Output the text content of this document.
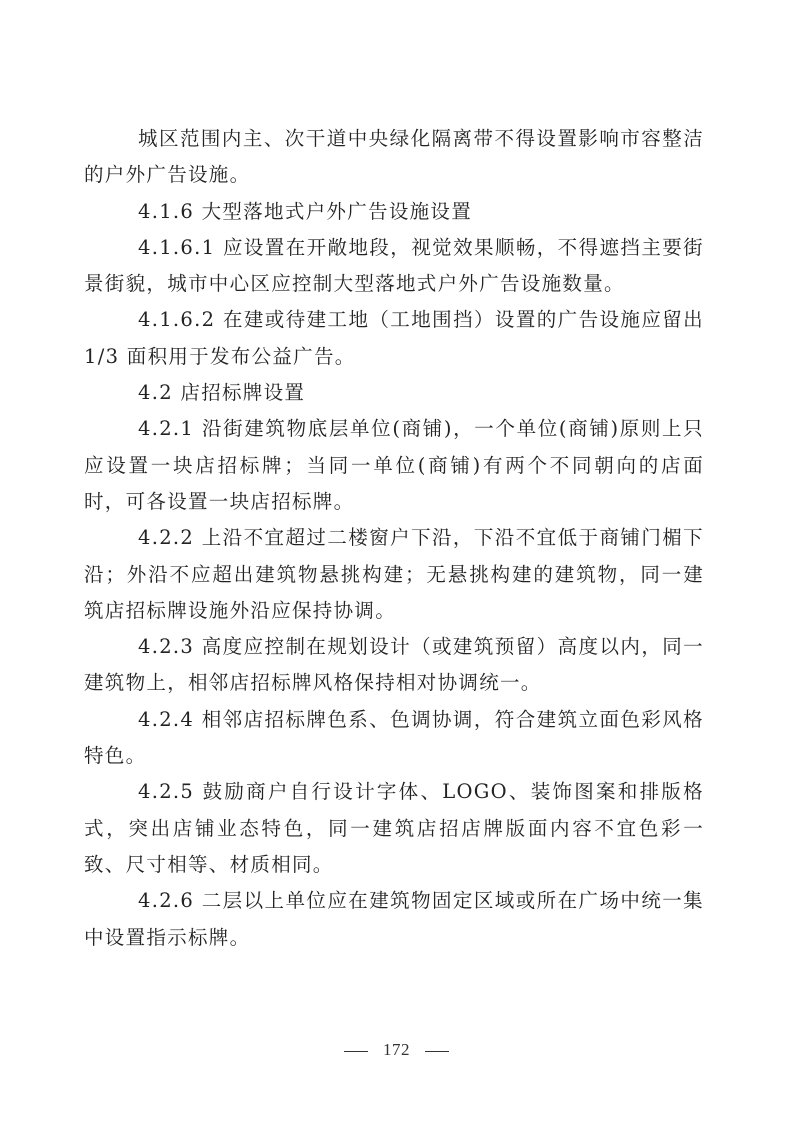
城区范围内主、次干道中央绿化隔离带不得设置影响市容整洁的户外广告设施。

4.1.6 大型落地式户外广告设施设置

4.1.6.1 应设置在开敞地段，视觉效果顺畅，不得遮挡主要街景街貌，城市中心区应控制大型落地式户外广告设施数量。

4.1.6.2 在建或待建工地（工地围挡）设置的广告设施应留出1/3 面积用于发布公益广告。

4.2 店招标牌设置

4.2.1 沿街建筑物底层单位(商铺)，一个单位(商铺)原则上只应设置一块店招标牌；当同一单位(商铺)有两个不同朝向的店面时，可各设置一块店招标牌。

4.2.2 上沿不宜超过二楼窗户下沿，下沿不宜低于商铺门楣下沿；外沿不应超出建筑物悬挑构建；无悬挑构建的建筑物，同一建筑店招标牌设施外沿应保持协调。

4.2.3 高度应控制在规划设计（或建筑预留）高度以内，同一建筑物上，相邻店招标牌风格保持相对协调统一。

4.2.4 相邻店招标牌色系、色调协调，符合建筑立面色彩风格特色。

4.2.5 鼓励商户自行设计字体、LOGO、装饰图案和排版格式，突出店铺业态特色，同一建筑店招店牌版面内容不宜色彩一致、尺寸相等、材质相同。

4.2.6 二层以上单位应在建筑物固定区域或所在广场中统一集中设置指示标牌。

172
